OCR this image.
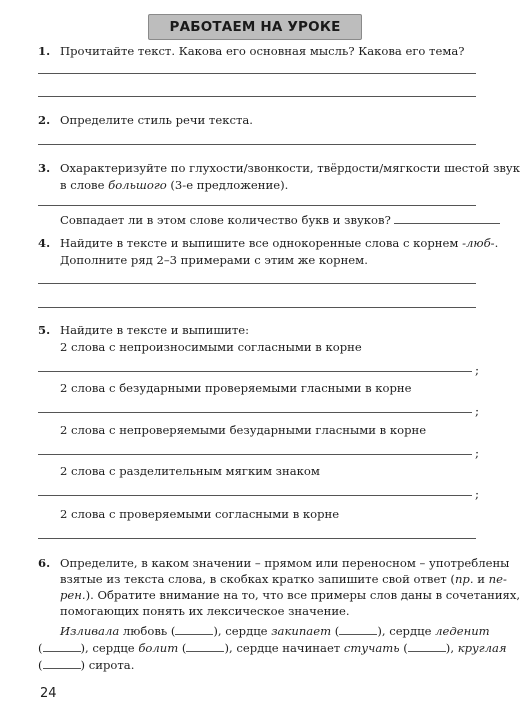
РАБОТАЕМ НА УРОКЕ
1. Прочитайте текст. Какова его основная мысль? Какова его тема?
2. Определите стиль речи текста.
3. Охарактеризуйте по глухости/звонкости, твёрдости/мягкости шестой звук
в слове большого (3-е предложение).
Совпадает ли в этом слове количество букв и звуков?
4. Найдите в тексте и выпишите все однокоренные слова с корнем -люб-.
Дополните ряд 2–3 примерами с этим же корнем.
5. Найдите в тексте и выпишите:
2 слова с непроизносимыми согласными в корне
;
2 слова с безударными проверяемыми гласными в корне
;
2 слова с непроверяемыми безударными гласными в корне
;
2 слова с разделительным мягким знаком
;
2 слова с проверяемыми согласными в корне
6. Определите, в каком значении – прямом или переносном – употреблены
взятые из текста слова, в скобках кратко запишите свой ответ (пр. и пе-
рен.). Обратите внимание на то, что все примеры слов даны в сочетаниях,
помогающих понять их лексическое значение.
Изливала любовь (	), сердце закипает (	), сердце леденит
(	), сердце болит (	), сердце начинает стучать (	), круглая
(	) сирота.
24
